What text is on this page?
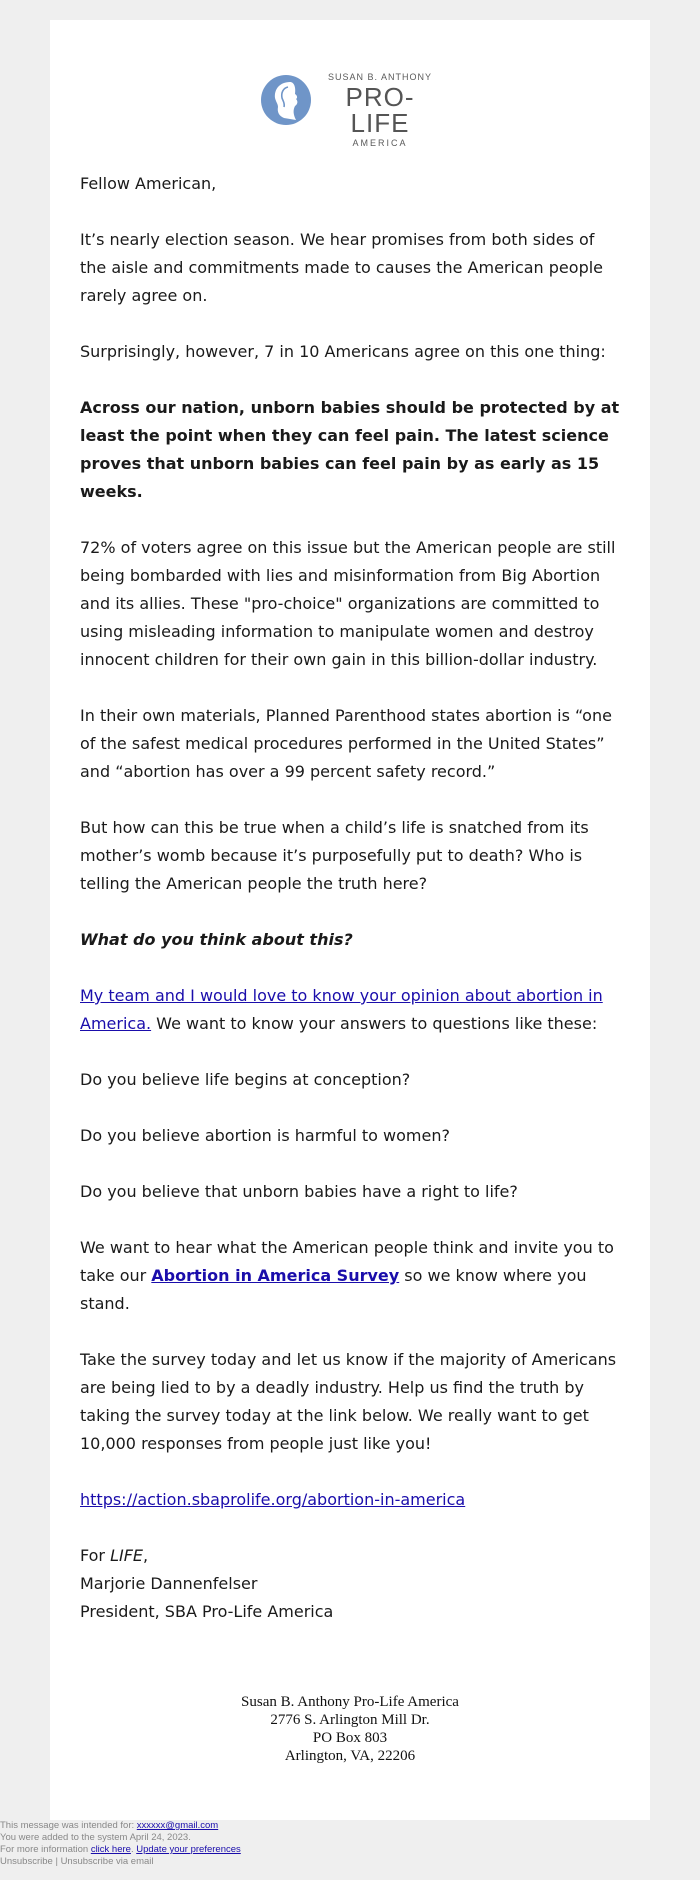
SUSAN B. ANTHONY
PRO-LIFE
AMERICA

Fellow American,

It’s nearly election season. We hear promises from both sides of the aisle and commitments made to causes the American people rarely agree on.

Surprisingly, however, 7 in 10 Americans agree on this one thing:

Across our nation, unborn babies should be protected by at least the point when they can feel pain. The latest science proves that unborn babies can feel pain by as early as 15 weeks.

72% of voters agree on this issue but the American people are still being bombarded with lies and misinformation from Big Abortion and its allies. These "pro-choice" organizations are committed to using misleading information to manipulate women and destroy innocent children for their own gain in this billion-dollar industry.

In their own materials, Planned Parenthood states abortion is “one of the safest medical procedures performed in the United States” and “abortion has over a 99 percent safety record.”

But how can this be true when a child’s life is snatched from its mother’s womb because it’s purposefully put to death? Who is telling the American people the truth here?

What do you think about this?

My team and I would love to know your opinion about abortion in America. We want to know your answers to questions like these:

Do you believe life begins at conception?

Do you believe abortion is harmful to women?

Do you believe that unborn babies have a right to life?

We want to hear what the American people think and invite you to take our Abortion in America Survey so we know where you stand.

Take the survey today and let us know if the majority of Americans are being lied to by a deadly industry. Help us find the truth by taking the survey today at the link below. We really want to get 10,000 responses from people just like you!

https://action.sbaprolife.org/abortion-in-america

For LIFE,

Marjorie Dannenfelser

President, SBA Pro-Life America

Susan B. Anthony Pro-Life America
2776 S. Arlington Mill Dr.
PO Box 803
Arlington, VA, 22206
This message was intended for: xxxxxx@gmail.com
You were added to the system April 24, 2023.
For more information click here. Update your preferences
Unsubscribe | Unsubscribe via email
